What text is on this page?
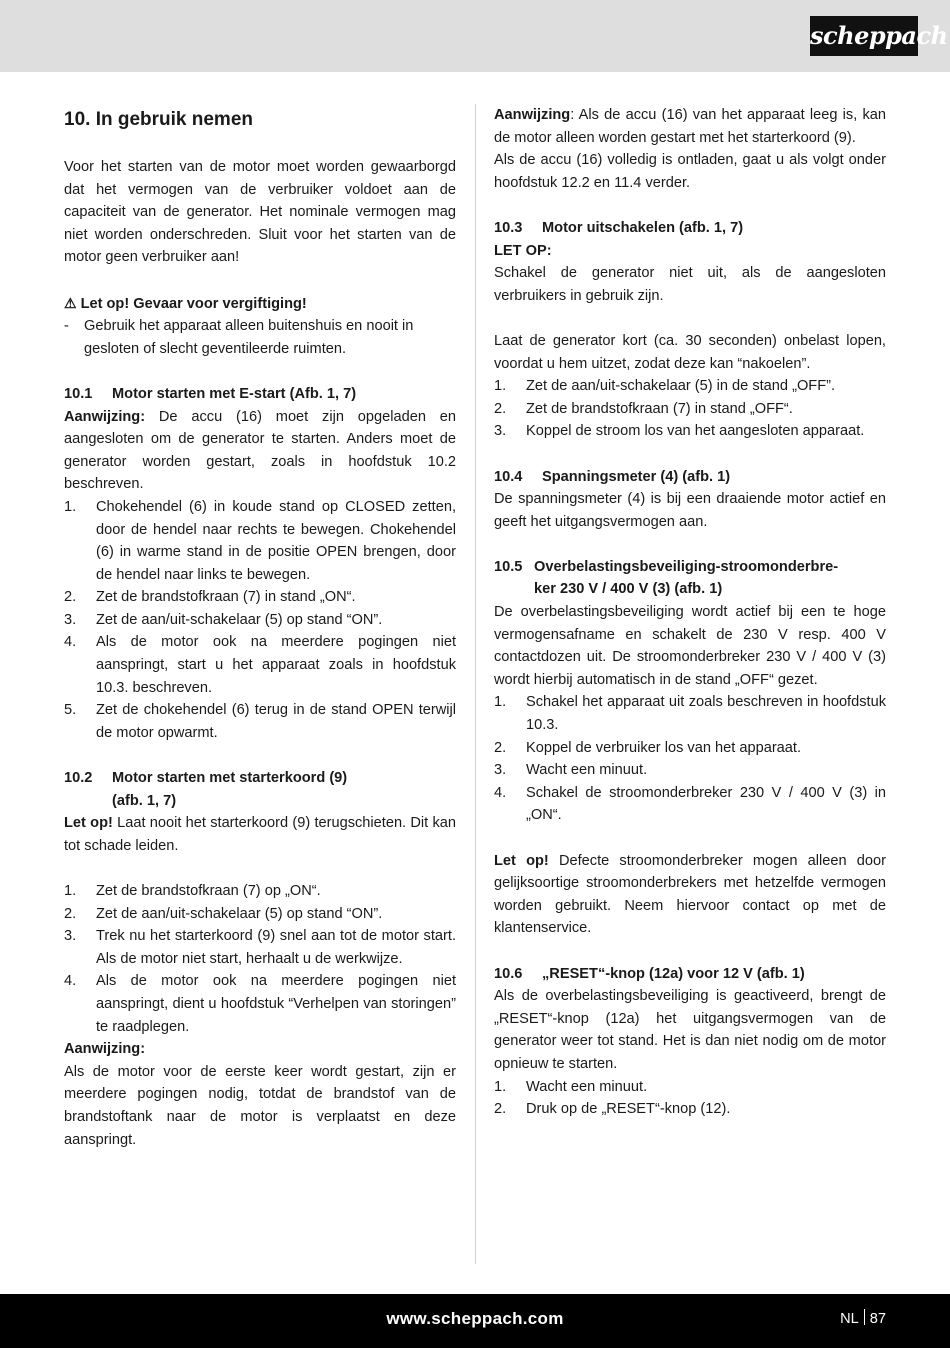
scheppach
10. In gebruik nemen

Voor het starten van de motor moet worden gewaarborgd dat het vermogen van de verbruiker voldoet aan de capaciteit van de generator. Het nominale vermogen mag niet worden onderschreden. Sluit voor het starten van de motor geen verbruiker aan!

⚠ Let op! Gevaar voor vergiftiging!
-	Gebruik het apparaat alleen buitenshuis en nooit in gesloten of slecht geventileerde ruimten.
10.1	Motor starten met E-start (Afb. 1, 7)

Aanwijzing: De accu (16) moet zijn opgeladen en aangesloten om de generator te starten. Anders moet de generator worden gestart, zoals in hoofdstuk 10.2 beschreven.

1.	Chokehendel (6) in koude stand op CLOSED zetten, door de hendel naar rechts te bewegen. Chokehendel (6) in warme stand in de positie OPEN brengen, door de hendel naar links te bewegen.
2.	Zet de brandstofkraan (7) in stand „ON“.
3.	Zet de aan/uit-schakelaar (5) op stand “ON”.
4.	Als de motor ook na meerdere pogingen niet aanspringt, start u het apparaat zoals in hoofdstuk 10.3. beschreven.
5.	Zet de chokehendel (6) terug in de stand OPEN terwijl de motor opwarmt.
10.2	Motor starten met starterkoord (9)
(afb. 1, 7)

Let op! Laat nooit het starterkoord (9) terugschieten. Dit kan tot schade leiden.

1.	Zet de brandstofkraan (7) op „ON“.
2.	Zet de aan/uit-schakelaar (5) op stand “ON”.
3.	Trek nu het starterkoord (9) snel aan tot de motor start. Als de motor niet start, herhaalt u de werkwijze.
4.	Als de motor ook na meerdere pogingen niet aanspringt, dient u hoofdstuk “Verhelpen van storingen” te raadplegen.
Aanwijzing:

Als de motor voor de eerste keer wordt gestart, zijn er meerdere pogingen nodig, totdat de brandstof van de brandstoftank naar de motor is verplaatst en deze aanspringt.

Aanwijzing: Als de accu (16) van het apparaat leeg is, kan de motor alleen worden gestart met het starterkoord (9).

Als de accu (16) volledig is ontladen, gaat u als volgt onder hoofdstuk 12.2 en 11.4 verder.

10.3	Motor uitschakelen (afb. 1, 7)
LET OP:

Schakel de generator niet uit, als de aangesloten verbruikers in gebruik zijn.

Laat de generator kort (ca. 30 seconden) onbelast lopen, voordat u hem uitzet, zodat deze kan “nakoelen”.

1.	Zet de aan/uit-schakelaar (5) in de stand „OFF”.
2.	Zet de brandstofkraan (7) in stand „OFF“.
3.	Koppel de stroom los van het aangesloten apparaat.
10.4	Spanningsmeter (4) (afb. 1)

De spanningsmeter (4) is bij een draaiende motor actief en geeft het uitgangsvermogen aan.

10.5 Overbelastingsbeveiliging-stroomonderbre-
ker 230 V / 400 V (3) (afb. 1)

De overbelastingsbeveiliging wordt actief bij een te hoge vermogensafname en schakelt de 230 V resp. 400 V contactdozen uit. De stroomonderbreker 230 V / 400 V (3) wordt hierbij automatisch in de stand „OFF“ gezet.

1.	Schakel het apparaat uit zoals beschreven in hoofdstuk 10.3.
2.	Koppel de verbruiker los van het apparaat.
3.	Wacht een minuut.
4.	Schakel de stroomonderbreker 230 V / 400 V (3) in „ON“.

Let op! Defecte stroomonderbreker mogen alleen door gelijksoortige stroomonderbrekers met hetzelfde vermogen worden gebruikt. Neem hiervoor contact op met de klantenservice.

10.6	„RESET“-knop (12a) voor 12 V (afb. 1)

Als de overbelastingsbeveiliging is geactiveerd, brengt de „RESET“-knop (12a) het uitgangsvermogen van de generator weer tot stand. Het is dan niet nodig om de motor opnieuw te starten.

1.	Wacht een minuut.
2.	Druk op de „RESET“-knop (12).
www.scheppach.com	NL 87
